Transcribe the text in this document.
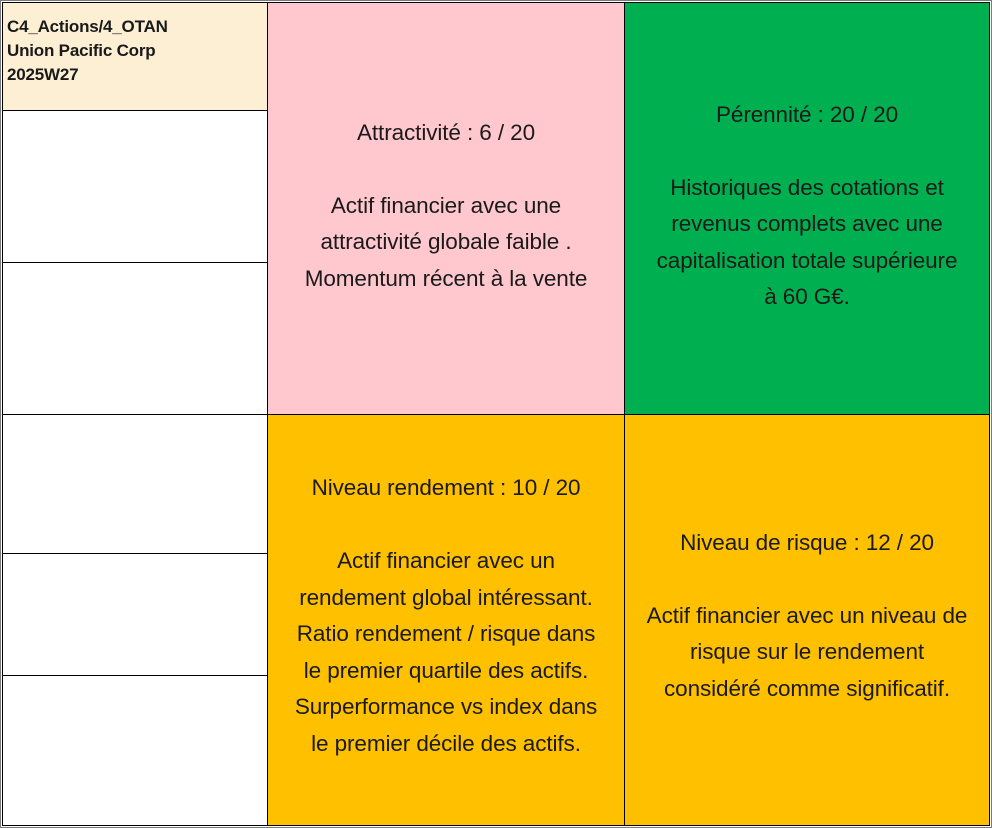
C4_Actions/4_OTAN
Union Pacific Corp
2025W27
Attractivité : 6 / 20
Actif financier avec une
attractivité globale faible .
Momentum récent à la vente
Pérennité : 20 / 20
Historiques des cotations et
revenus complets avec une
capitalisation totale supérieure
à 60 G€.
Niveau rendement : 10 / 20
Actif financier avec un
rendement global intéressant.
Ratio rendement / risque dans
le premier quartile des actifs.
Surperformance vs index dans
le premier décile des actifs.
Niveau de risque : 12 / 20
Actif financier avec un niveau de
risque sur le rendement
considéré comme significatif.
